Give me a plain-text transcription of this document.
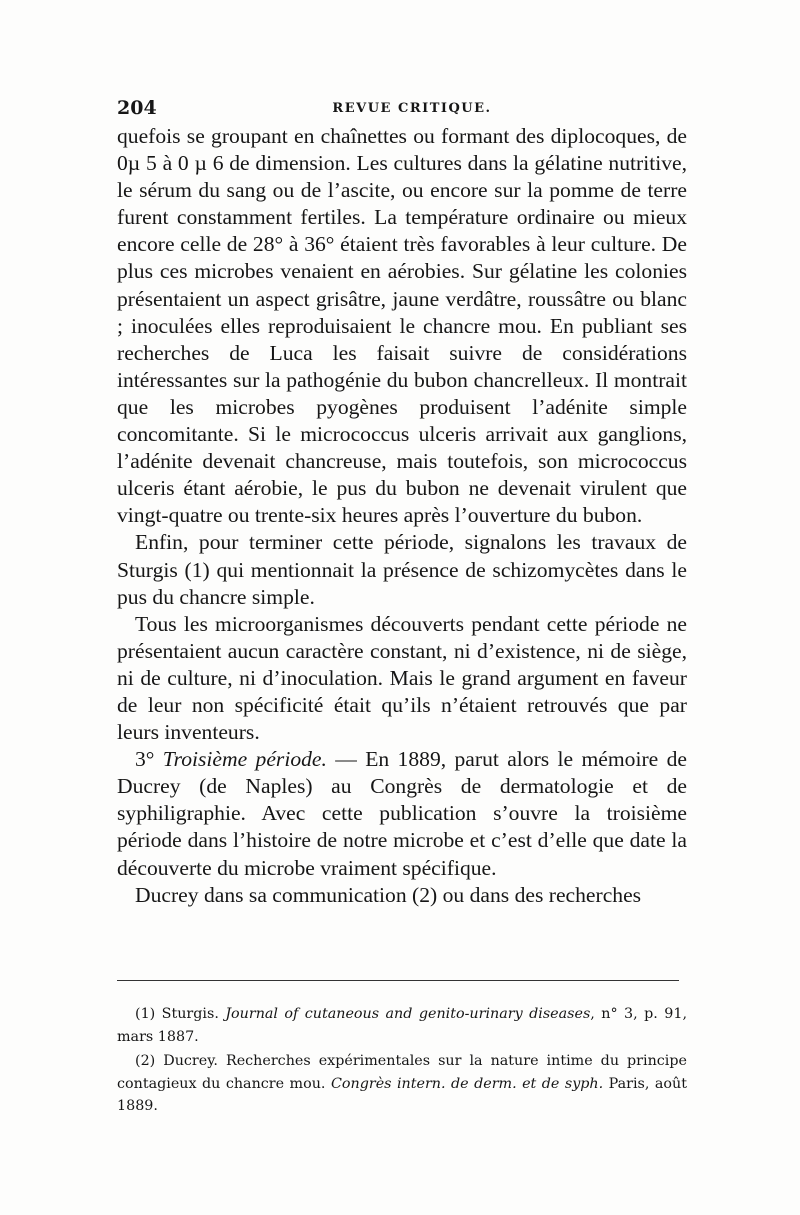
204	REVUE CRITIQUE.

quefois se groupant en chaînettes ou formant des diplocoques, de 0µ 5 à 0 µ 6 de dimension. Les cultures dans la gélatine nutritive, le sérum du sang ou de l’ascite, ou encore sur la pomme de terre furent constamment fertiles. La température ordinaire ou mieux encore celle de 28° à 36° étaient très favorables à leur culture. De plus ces microbes venaient en aérobies. Sur gélatine les colonies présentaient un aspect grisâtre, jaune verdâtre, roussâtre ou blanc ; inoculées elles reproduisaient le chancre mou. En publiant ses recherches de Luca les faisait suivre de considérations intéressantes sur la pathogénie du bubon chancrelleux. Il montrait que les microbes pyogènes produisent l’adénite simple concomitante. Si le micrococcus ulceris arrivait aux ganglions, l’adénite devenait chancreuse, mais toutefois, son micrococcus ulceris étant aérobie, le pus du bubon ne devenait virulent que vingt-quatre ou trente-six heures après l’ouverture du bubon.

Enfin, pour terminer cette période, signalons les travaux de Sturgis (1) qui mentionnait la présence de schizomycètes dans le pus du chancre simple.

Tous les microorganismes découverts pendant cette période ne présentaient aucun caractère constant, ni d’existence, ni de siège, ni de culture, ni d’inoculation. Mais le grand argument en faveur de leur non spécificité était qu’ils n’étaient retrouvés que par leurs inventeurs.

3° Troisième période. — En 1889, parut alors le mémoire de Ducrey (de Naples) au Congrès de dermatologie et de syphiligraphie. Avec cette publication s’ouvre la troisième période dans l’histoire de notre microbe et c’est d’elle que date la découverte du microbe vraiment spécifique.

Ducrey dans sa communication (2) ou dans des recherches

(1) Sturgis. Journal of cutaneous and genito-urinary diseases, n° 3, p. 91, mars 1887.

(2) Ducrey. Recherches expérimentales sur la nature intime du principe contagieux du chancre mou. Congrès intern. de derm. et de syph. Paris, août 1889.
